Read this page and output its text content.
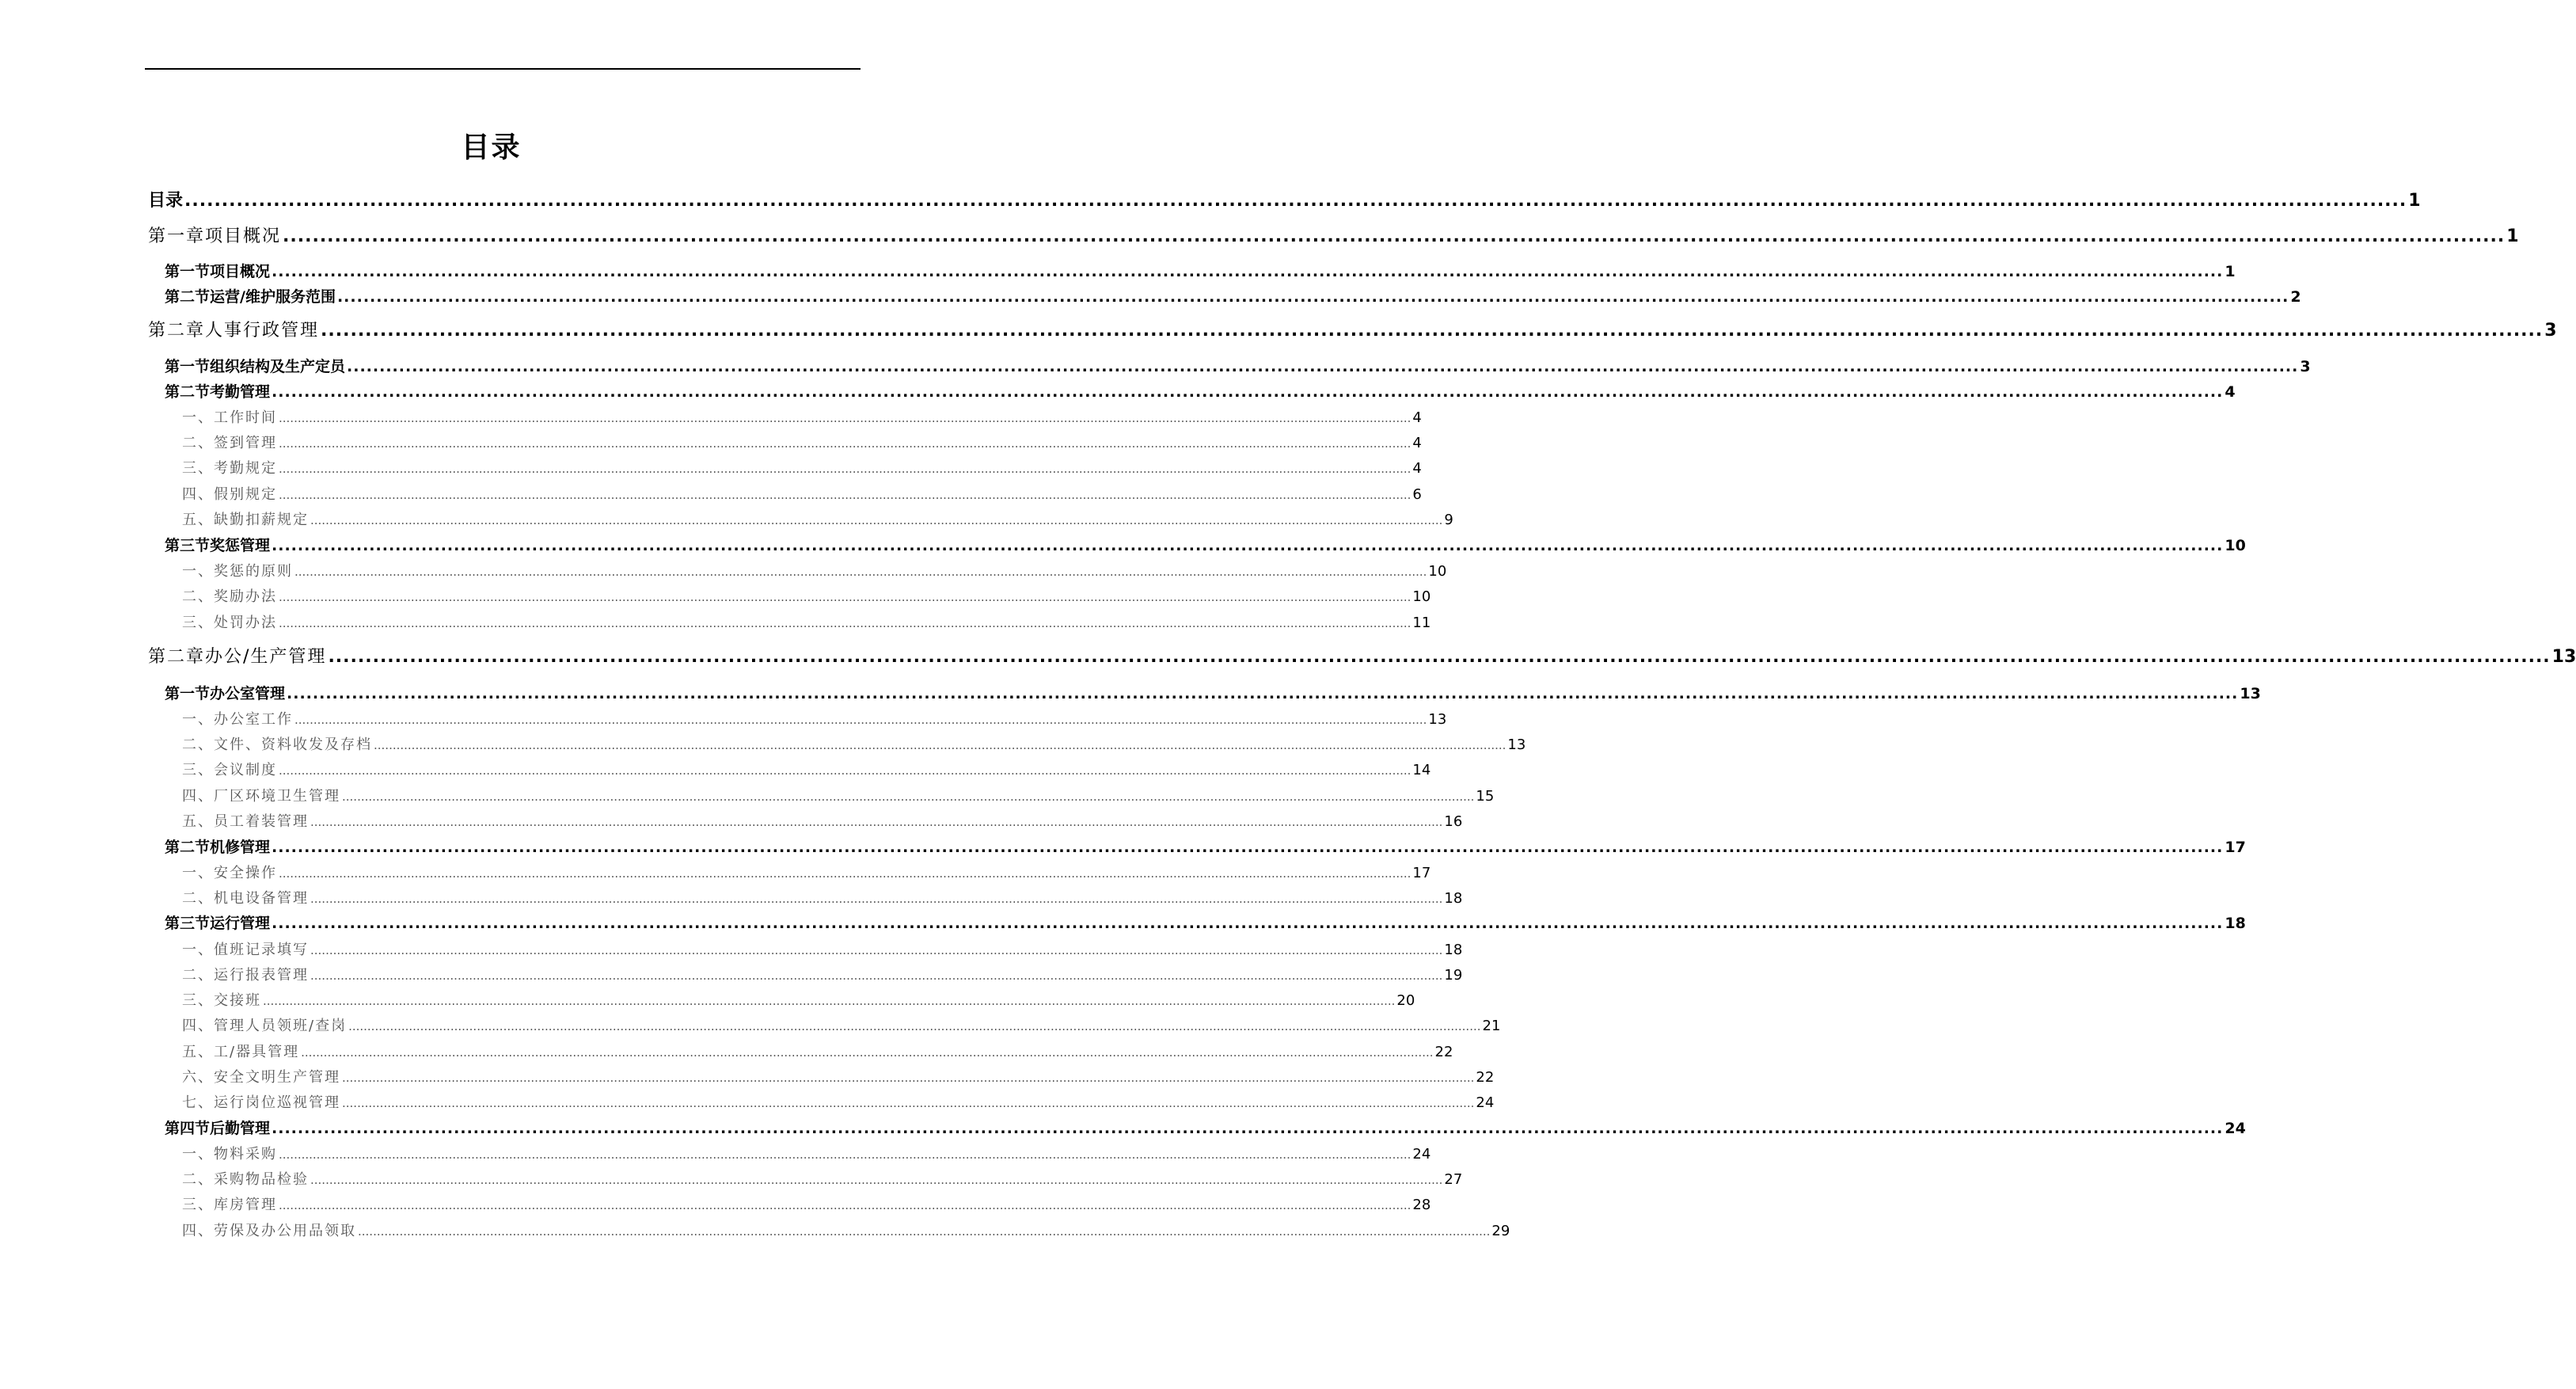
目录
目录 ............................................................................................................................................................................................................................................................................................................ 1
第一章 项目概况 ............................................................................................................................................................................................................................................................................................................ 1
第一节 项目概况 ............................................................................................................................................................................................................................................................................................................ 1
第二节 运营/维护服务范围 ............................................................................................................................................................................................................................................................................................................ 2
第二章 人事行政管理 ............................................................................................................................................................................................................................................................................................................ 3
第一节 组织结构及生产定员 ............................................................................................................................................................................................................................................................................................................ 3
第二节 考勤管理 ............................................................................................................................................................................................................................................................................................................ 4
一、工作时间 ............................................................................................................................................................................................................................................................................................................ 4
二、签到管理 ............................................................................................................................................................................................................................................................................................................ 4
三、考勤规定 ............................................................................................................................................................................................................................................................................................................ 4
四、假别规定 ............................................................................................................................................................................................................................................................................................................ 6
五、缺勤扣薪规定 ............................................................................................................................................................................................................................................................................................................ 9
第三节 奖惩管理 ............................................................................................................................................................................................................................................................................................................ 10
一、奖惩的原则 ............................................................................................................................................................................................................................................................................................................ 10
二、奖励办法 ............................................................................................................................................................................................................................................................................................................ 10
三、处罚办法 ............................................................................................................................................................................................................................................................................................................ 11
第二章 办公/生产管理 ............................................................................................................................................................................................................................................................................................................ 13
第一节 办公室管理 ............................................................................................................................................................................................................................................................................................................ 13
一、办公室工作 ............................................................................................................................................................................................................................................................................................................ 13
二、文件、资料收发及存档 ............................................................................................................................................................................................................................................................................................................ 13
三、会议制度 ............................................................................................................................................................................................................................................................................................................ 14
四、厂区环境卫生管理 ............................................................................................................................................................................................................................................................................................................ 15
五、员工着装管理 ............................................................................................................................................................................................................................................................................................................ 16
第二节 机修管理 ............................................................................................................................................................................................................................................................................................................ 17
一、安全操作 ............................................................................................................................................................................................................................................................................................................ 17
二、机电设备管理 ............................................................................................................................................................................................................................................................................................................ 18
第三节 运行管理 ............................................................................................................................................................................................................................................................................................................ 18
一、值班记录填写 ............................................................................................................................................................................................................................................................................................................ 18
二、运行报表管理 ............................................................................................................................................................................................................................................................................................................ 19
三、交接班 ............................................................................................................................................................................................................................................................................................................ 20
四、管理人员领班/查岗 ............................................................................................................................................................................................................................................................................................................ 21
五、工/器具管理 ............................................................................................................................................................................................................................................................................................................ 22
六、安全文明生产管理 ............................................................................................................................................................................................................................................................................................................ 22
七、运行岗位巡视管理 ............................................................................................................................................................................................................................................................................................................ 24
第四节 后勤管理 ............................................................................................................................................................................................................................................................................................................ 24
一、物料采购 ............................................................................................................................................................................................................................................................................................................ 24
二、采购物品检验 ............................................................................................................................................................................................................................................................................................................ 27
三、库房管理 ............................................................................................................................................................................................................................................................................................................ 28
四、劳保及办公用品领取 ............................................................................................................................................................................................................................................................................................................ 29
